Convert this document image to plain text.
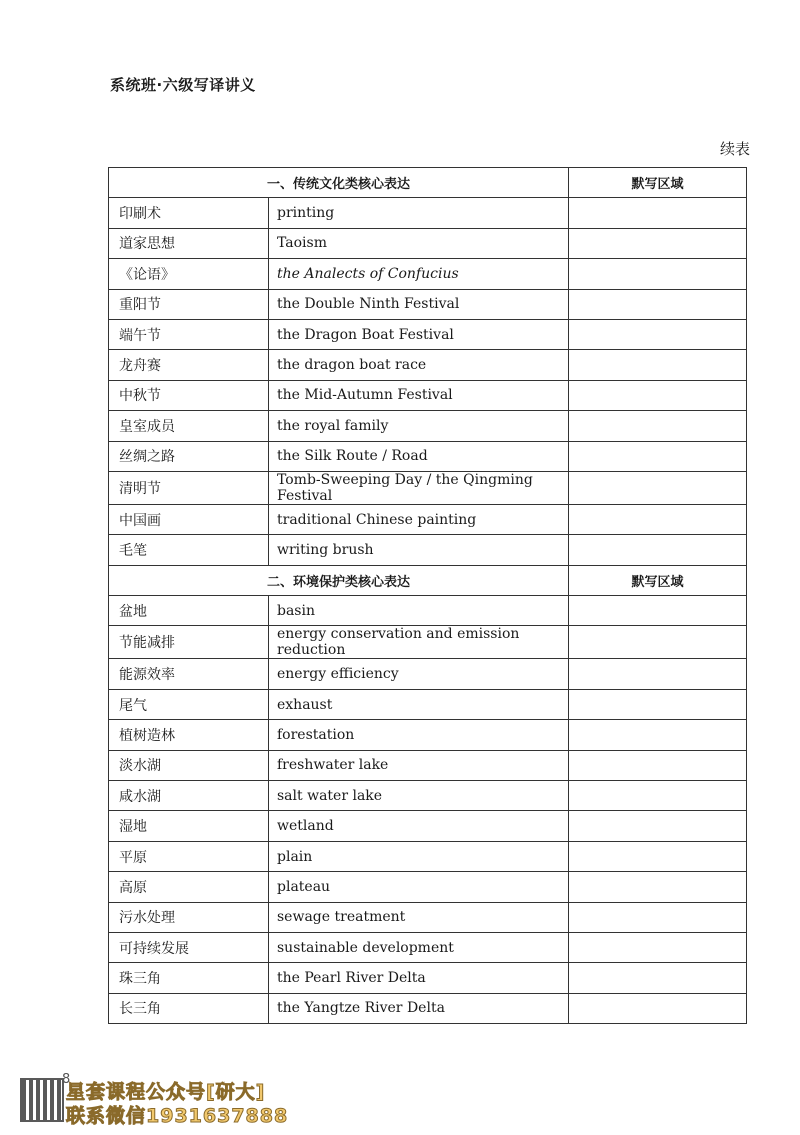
系统班·六级写译讲义
续表
一、传统文化类核心表达		默写区域
印刷术	printing	
道家思想	Taoism	
《论语》	the Analects of Confucius	
重阳节	the Double Ninth Festival	
端午节	the Dragon Boat Festival	
龙舟赛	the dragon boat race	
中秋节	the Mid-Autumn Festival	
皇室成员	the royal family	
丝绸之路	the Silk Route / Road	
清明节	Tomb-Sweeping Day / the Qingming Festival	
中国画	traditional Chinese painting	
毛笔	writing brush	
二、环境保护类核心表达		默写区域
盆地	basin	
节能减排	energy conservation and emission reduction	
能源效率	energy efficiency	
尾气	exhaust	
植树造林	forestation	
淡水湖	freshwater lake	
咸水湖	salt water lake	
湿地	wetland	
平原	plain	
高原	plateau	
污水处理	sewage treatment	
可持续发展	sustainable development	
珠三角	the Pearl River Delta	
长三角	the Yangtze River Delta	
8
星套课程公众号[研大]
联系微信1931637888
